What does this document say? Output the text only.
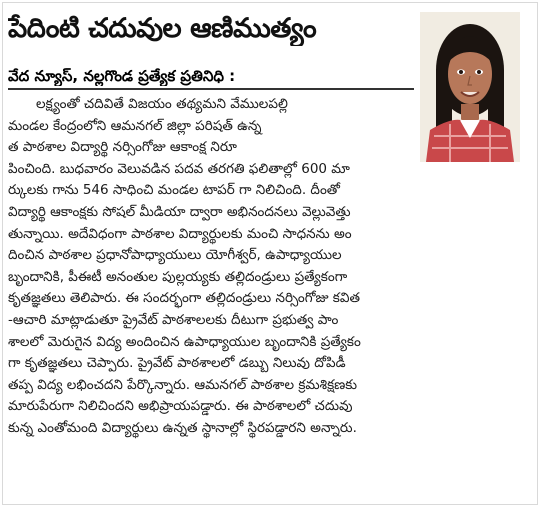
పేదింటి చదువుల ఆణిముత్యం
వేద న్యూస్, నల్లగొండ ప్రత్యేక ప్రతినిధి :
లక్ష్యంతో చదివితే విజయం తథ్యమని వేములపల్లి
మండల కేంద్రంలోని ఆమనగల్ జిల్లా పరిషత్ ఉన్న
త పాఠశాల విద్యార్థి నర్సింగోజు ఆకాంక్ష నిరూ
పించింది. బుధవారం వెలువడిన పదవ తరగతి ఫలితాల్లో 600 మా
ర్కులకు గాను 546 సాధించి మండల టాపర్ గా నిలిచింది. దీంతో
విద్యార్థి ఆకాంక్షకు సోషల్ మీడియా ద్వారా అభినందనలు వెల్లువెత్తు
తున్నాయి. అదేవిధంగా పాఠశాల విద్యార్థులకు మంచి సాధనను అం
దించిన పాఠశాల ప్రధానోపాధ్యాయులు యోగీశ్వర్, ఉపాధ్యాయుల
బృందానికి, పీఈటీ అనంతుల పుల్లయ్యకు తల్లిదండ్రులు ప్రత్యేకంగా
కృతజ్ఞతలు తెలిపారు. ఈ సందర్భంగా తల్లిదండ్రులు నర్సింగోజు కవిత
-ఆచారి మాట్లాడుతూ ప్రైవేట్ పాఠశాలలకు దీటుగా ప్రభుత్వ పాం
శాలలో మెరుగైన విద్య అందించిన ఉపాధ్యాయుల బృందానికి ప్రత్యేకం
గా కృతజ్ఞతలు చెప్పారు. ప్రైవేట్ పాఠశాలలో డబ్బు నిలువు దోపిడీ
తప్ప విద్య లభించదని పేర్కొన్నారు. ఆమనగల్ పాఠశాల క్రమశిక్షణకు
మారుపేరుగా నిలిచిందని అభిప్రాయపడ్డారు. ఈ పాఠశాలలో చదువు
కున్న ఎంతోమంది విద్యార్థులు ఉన్నత స్థానాల్లో స్థిరపడ్డారని అన్నారు.
